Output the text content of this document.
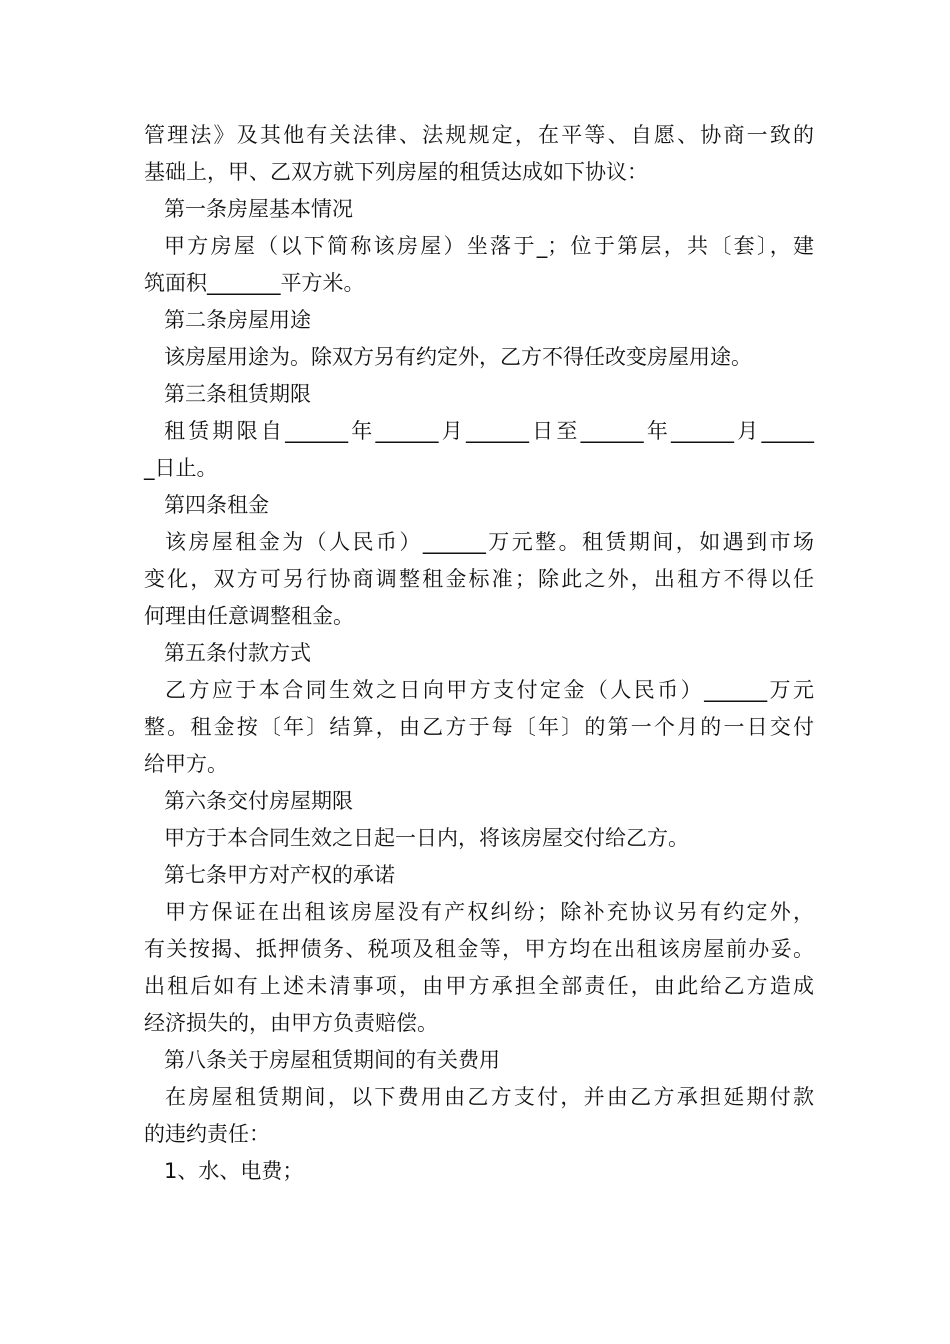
管理法》及其他有关法律、法规规定，在平等、自愿、协商一致的
基础上，甲、乙双方就下列房屋的租赁达成如下协议：
第一条房屋基本情况
甲方房屋（以下简称该房屋）坐落于_；位于第层，共〔套〕，建
筑面积_______平方米。
第二条房屋用途
该房屋用途为。除双方另有约定外，乙方不得任改变房屋用途。
第三条租赁期限
租赁期限自______年______月______日至______年______月_____
_日止。
第四条租金
该房屋租金为（人民币）______万元整。租赁期间，如遇到市场
变化，双方可另行协商调整租金标准；除此之外，出租方不得以任
何理由任意调整租金。
第五条付款方式
乙方应于本合同生效之日向甲方支付定金（人民币）______万元
整。租金按〔年〕结算，由乙方于每〔年〕的第一个月的一日交付
给甲方。
第六条交付房屋期限
甲方于本合同生效之日起一日内，将该房屋交付给乙方。
第七条甲方对产权的承诺
甲方保证在出租该房屋没有产权纠纷；除补充协议另有约定外，
有关按揭、抵押债务、税项及租金等，甲方均在出租该房屋前办妥。
出租后如有上述未清事项，由甲方承担全部责任，由此给乙方造成
经济损失的，由甲方负责赔偿。
第八条关于房屋租赁期间的有关费用
在房屋租赁期间，以下费用由乙方支付，并由乙方承担延期付款
的违约责任：
1、水、电费；
